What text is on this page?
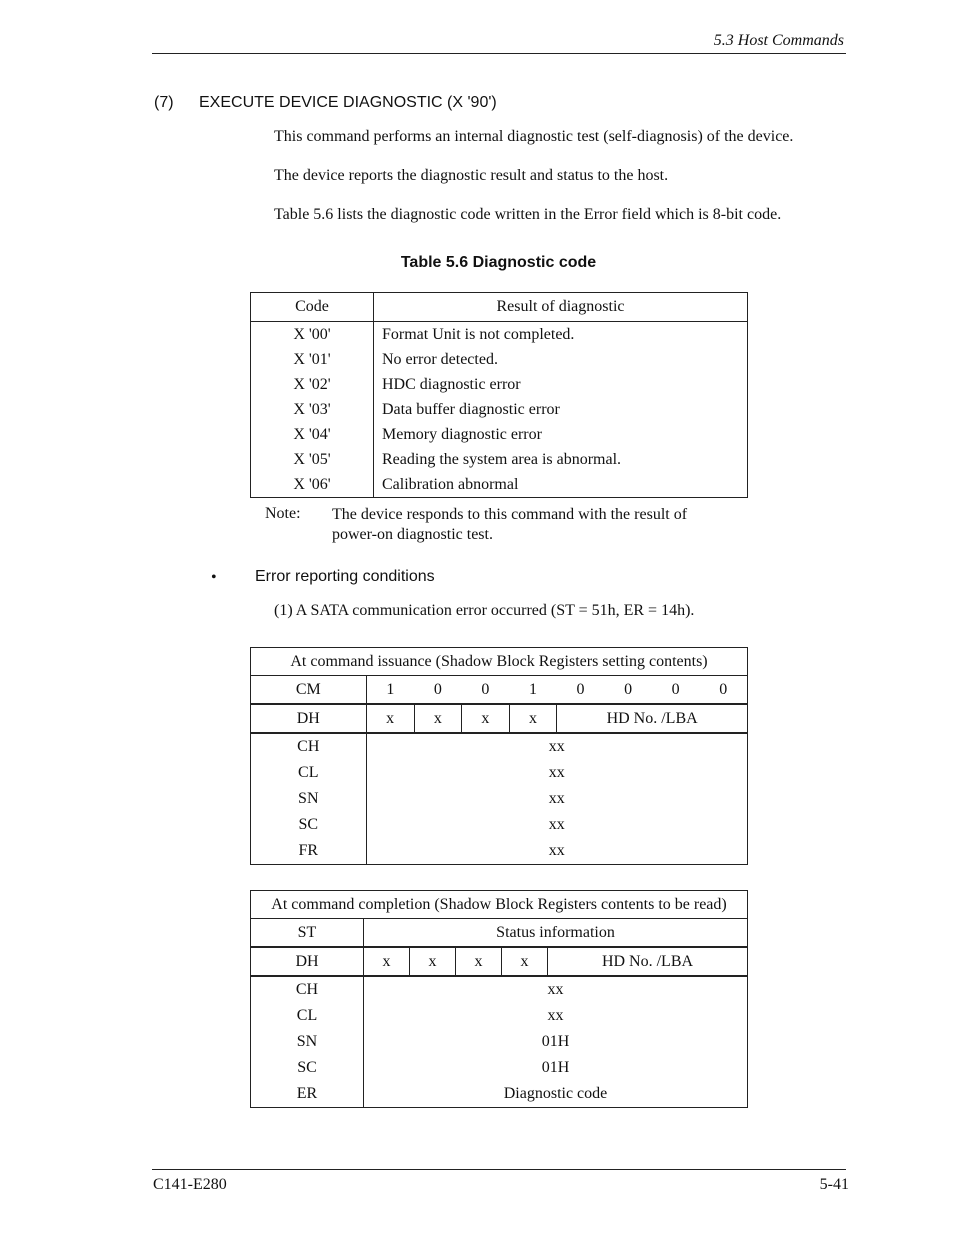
5.3 Host Commands
(7) EXECUTE DEVICE DIAGNOSTIC (X '90')
This command performs an internal diagnostic test (self-diagnosis) of the device.
The device reports the diagnostic result and status to the host.
Table 5.6 lists the diagnostic code written in the Error field which is 8-bit code.
Table 5.6 Diagnostic code
Code	Result of diagnostic
X '00'	Format Unit is not completed.
X '01'	No error detected.
X '02'	HDC diagnostic error
X '03'	Data buffer diagnostic error
X '04'	Memory diagnostic error
X '05'	Reading the system area is abnormal.
X '06'	Calibration abnormal
Note: The device responds to this command with the result of power-on diagnostic test.
• Error reporting conditions
(1) A SATA communication error occurred (ST = 51h, ER = 14h).
At command issuance (Shadow Block Registers setting contents)								
CM	1	0	0	1	0	0	0	0
DH	x	x	x	x	HD No. /LBA			
CH	xx							
CL	xx							
SN	xx							
SC	xx							
FR	xx							
At command completion (Shadow Block Registers contents to be read)					
ST	Status information				
DH	x	x	x	x	HD No. /LBA
CH	xx				
CL	xx				
SN	01H				
SC	01H				
ER	Diagnostic code				
C141-E280	5-41
